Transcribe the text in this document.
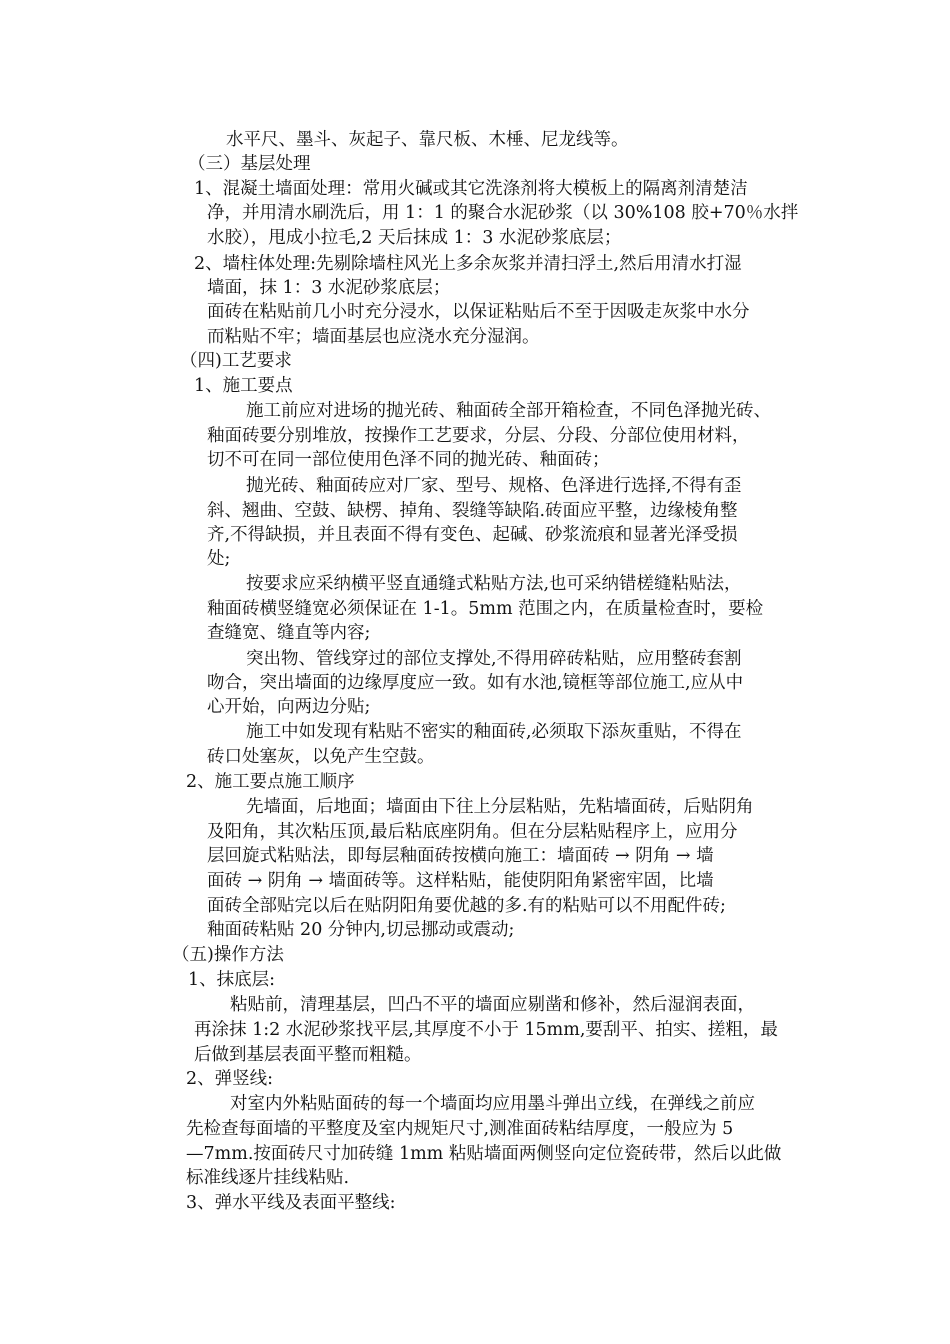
水平尺、墨斗、灰起子、靠尺板、木棰、尼龙线等。
（三）基层处理
1、混凝土墙面处理：常用火碱或其它洗涤剂将大模板上的隔离剂清楚洁
净，并用清水刷洗后，用 1：1 的聚合水泥砂浆（以 30%108 胶+70％水拌
水胶），甩成小拉毛,2 天后抹成 1：3 水泥砂浆底层；
2、墙柱体处理:先剔除墙柱风光上多余灰浆并清扫浮土,然后用清水打湿
墙面，抹 1：3 水泥砂浆底层；
面砖在粘贴前几小时充分浸水，以保证粘贴后不至于因吸走灰浆中水分
而粘贴不牢；墙面基层也应浇水充分湿润。
（四)工艺要求
1、施工要点
施工前应对进场的抛光砖、釉面砖全部开箱检查，不同色泽抛光砖、
釉面砖要分别堆放，按操作工艺要求，分层、分段、分部位使用材料，
切不可在同一部位使用色泽不同的抛光砖、釉面砖；
抛光砖、釉面砖应对厂家、型号、规格、色泽进行选择,不得有歪
斜、翘曲、空鼓、缺楞、掉角、裂缝等缺陷.砖面应平整，边缘棱角整
齐,不得缺损，并且表面不得有变色、起碱、砂浆流痕和显著光泽受损
处;
按要求应采纳横平竖直通缝式粘贴方法,也可采纳错槎缝粘贴法，
釉面砖横竖缝宽必须保证在 1-1。5mm 范围之内，在质量检查时，要检
查缝宽、缝直等内容;
突出物、管线穿过的部位支撑处,不得用碎砖粘贴，应用整砖套割
吻合，突出墙面的边缘厚度应一致。如有水池,镜框等部位施工,应从中
心开始，向两边分贴;
施工中如发现有粘贴不密实的釉面砖,必须取下添灰重贴，不得在
砖口处塞灰，以免产生空鼓。
2、施工要点施工顺序
先墙面，后地面；墙面由下往上分层粘贴，先粘墙面砖，后贴阴角
及阳角，其次粘压顶,最后粘底座阴角。但在分层粘贴程序上，应用分
层回旋式粘贴法，即每层釉面砖按横向施工：墙面砖 → 阴角 → 墙
面砖 → 阴角 → 墙面砖等。这样粘贴，能使阴阳角紧密牢固，比墙
面砖全部贴完以后在贴阴阳角要优越的多.有的粘贴可以不用配件砖;
釉面砖粘贴 20 分钟内,切忌挪动或震动;
（五)操作方法
1、抹底层:
粘贴前，清理基层，凹凸不平的墙面应剔凿和修补，然后湿润表面，
再涂抹 1:2 水泥砂浆找平层,其厚度不小于 15mm,要刮平、拍实、搓粗，最
后做到基层表面平整而粗糙。
2、弹竖线:
对室内外粘贴面砖的每一个墙面均应用墨斗弹出立线，在弹线之前应
先检查每面墙的平整度及室内规矩尺寸,测准面砖粘结厚度，一般应为 5
—7mm.按面砖尺寸加砖缝 1mm 粘贴墙面两侧竖向定位瓷砖带，然后以此做
标准线逐片挂线粘贴.
3、弹水平线及表面平整线:
